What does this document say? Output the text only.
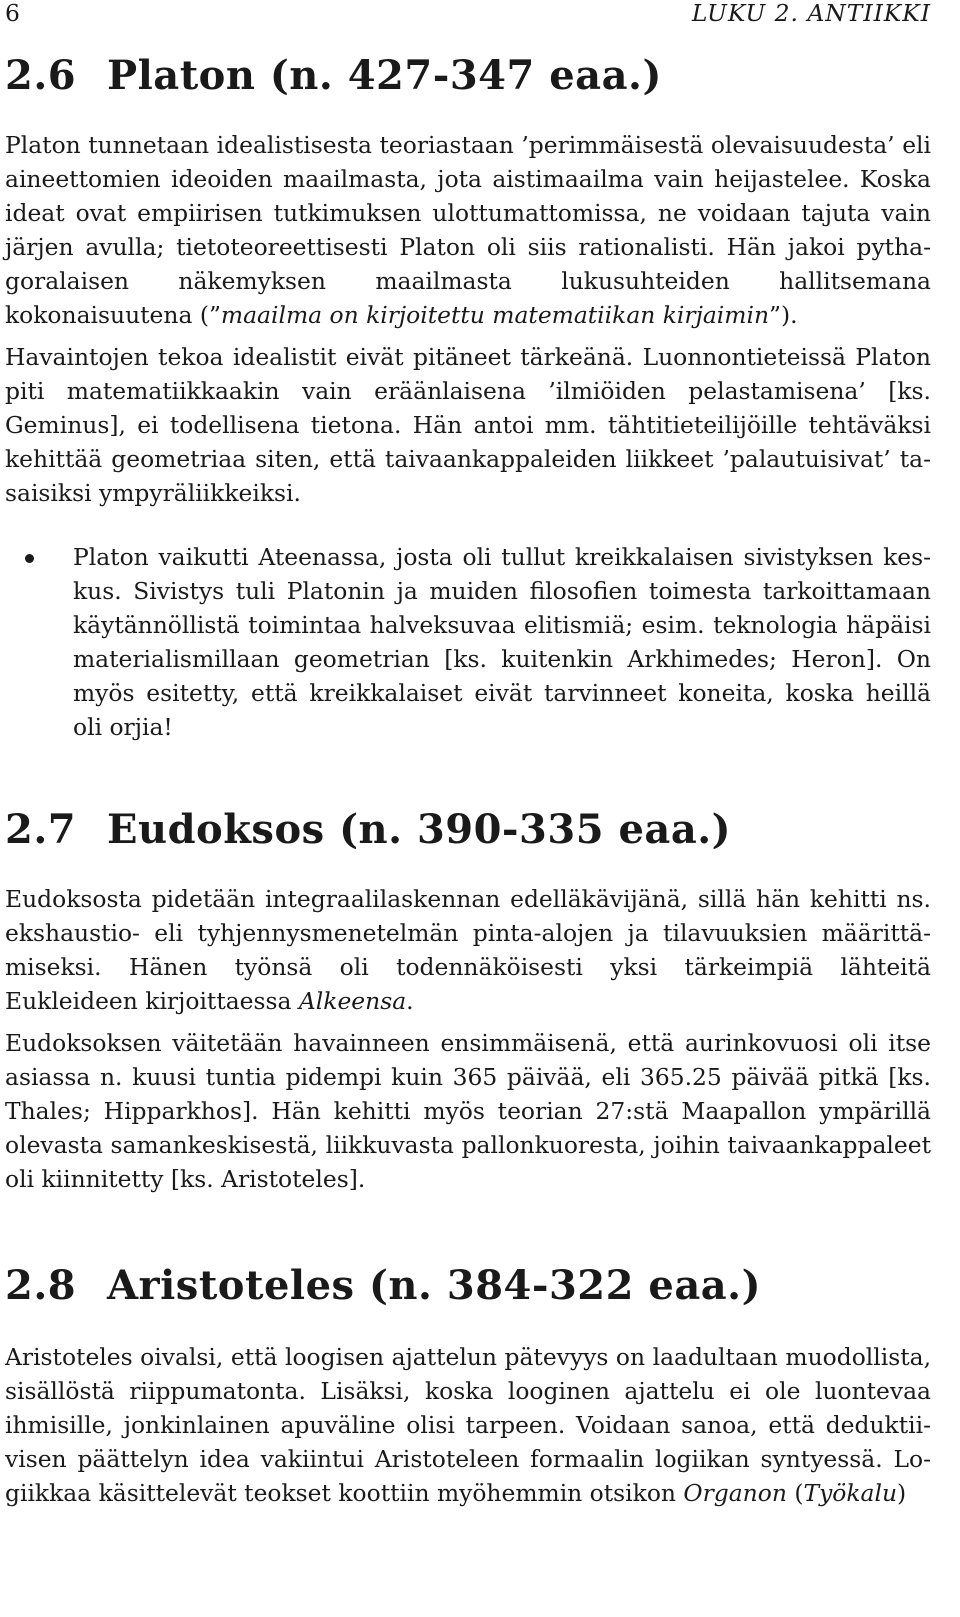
6	LUKU 2. ANTIIKKI
2.6 Platon (n. 427-347 eaa.)

Platon tunnetaan idealistisesta teoriastaan ’perimmäisestä olevaisuudesta’ eli aineettomien ideoiden maailmasta, jota aistimaailma vain heijastelee. Koska ideat ovat empiirisen tutkimuksen ulottumattomissa, ne voidaan tajuta vain järjen avulla; tietoteoreettisesti Platon oli siis rationalisti. Hän jakoi pythagoralaisen näkemyksen maailmasta lukusuhteiden hallitsemana kokonaisuutena (”maailma on kirjoitettu matematiikan kirjaimin”).

Havaintojen tekoa idealistit eivät pitäneet tärkeänä. Luonnontieteissä Platon piti matematiikkaakin vain eräänlaisena ’ilmiöiden pelastamisena’ [ks. Geminus], ei todellisena tietona. Hän antoi mm. tähtitieteilijöille tehtäväksi kehittää geometriaa siten, että taivaankappaleiden liikkeet ’palautuisivat’ tasaisiksi ympyräliikkeiksi.

Platon vaikutti Ateenassa, josta oli tullut kreikkalaisen sivistyksen keskus. Sivistys tuli Platonin ja muiden filosofien toimesta tarkoittamaan käytännöllistä toimintaa halveksuvaa elitismiä; esim. teknologia häpäisi materialismillaan geometrian [ks. kuitenkin Arkhimedes; Heron]. On myös esitetty, että kreikkalaiset eivät tarvinneet koneita, koska heillä oli orjia!
2.7 Eudoksos (n. 390-335 eaa.)

Eudoksosta pidetään integraalilaskennan edelläkävijänä, sillä hän kehitti ns. ekshaustio- eli tyhjennysmenetelmän pinta-alojen ja tilavuuksien määrittämiseksi. Hänen työnsä oli todennäköisesti yksi tärkeimpiä lähteitä Eukleideen kirjoittaessa Alkeensa.

Eudoksoksen väitetään havainneen ensimmäisenä, että aurinkovuosi oli itse asiassa n. kuusi tuntia pidempi kuin 365 päivää, eli 365.25 päivää pitkä [ks. Thales; Hipparkhos]. Hän kehitti myös teorian 27:stä Maapallon ympärillä olevasta samankeskisestä, liikkuvasta pallonkuoresta, joihin taivaankappaleet oli kiinnitetty [ks. Aristoteles].

2.8 Aristoteles (n. 384-322 eaa.)

Aristoteles oivalsi, että loogisen ajattelun pätevyys on laadultaan muodollista, sisällöstä riippumatonta. Lisäksi, koska looginen ajattelu ei ole luontevaa ihmisille, jonkinlainen apuväline olisi tarpeen. Voidaan sanoa, että deduktiivisen päättelyn idea vakiintui Aristoteleen formaalin logiikan syntyessä. Logiikkaa käsittelevät teokset koottiin myöhemmin otsikon Organon (Työkalu)
